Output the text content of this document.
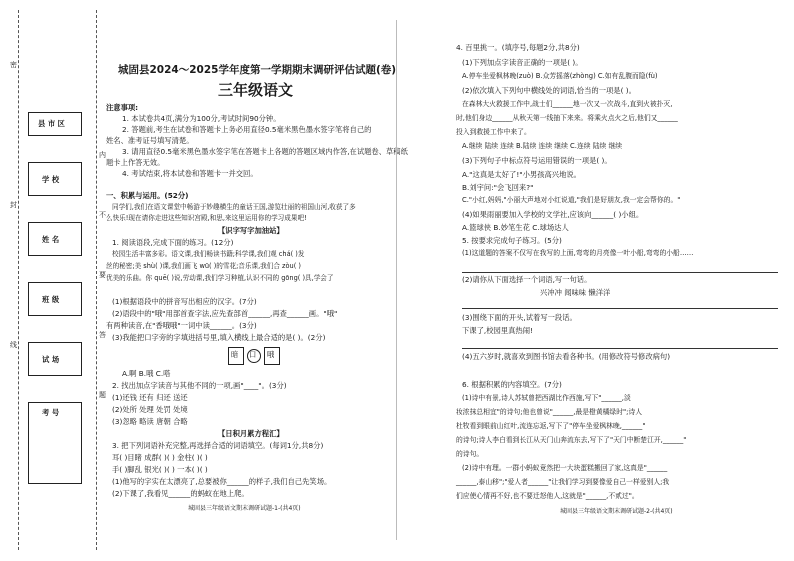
密
封
线
内
不
要
答
题
县 市 区
学 校
姓 名
班 级
试 场
考 号
城固县2024～2025学年度第一学期期末调研评估试题(卷)
三年级语文
注意事项:
1. 本试卷共4页,满分为100分,考试时间90分钟。
2. 答题前,考生在试卷和答题卡上务必用直径0.5毫米黑色墨水签字笔将自己的
姓名、准考证号填写清楚。
3. 请用直径0.5毫米黑色墨水签字笔在答题卡上各题的答题区域内作答,在试题卷、草稿纸
题卡上作答无效。
4. 考试结束,将本试卷和答题卡一并交回。
一、积累与运用。(52分)
同学们,我们在语文课堂中畅游于妙趣横生的童话王国,游览壮丽的祖国山河,收获了多
么快乐!现在请你走进这些知识宫殿,和思,来这里运用你的学习成果吧!
【识字写字加油站】
1. 阅读语段,完成下面的练习。(12分)
校园生活丰富多彩。语文课,我们畅读书籍;科学课,我们观 chá( )发
丝的秘密;美 shù( )课,我们画飞 wū( )的雪花;音乐课,我们合 zòu( )
优美的乐曲。你 quē( )说,劳动课,我们学习种植,认识不同的 gōng( )具,学会了
(1)根据语段中的拼音写出相应的汉字。(7分)
(2)语段中的"哦"用部首查字法,应先查部首______,再查______画。"哦"
有两种读音,在"香哦哦"一词中读______。(3分)
(3)我能把口字旁的字填进括号里,填入横线上最合适的是( )。(2分)
暗 口 哦
A.啊 B.哦 C.嗒
2. 找出加点字读音与其他不同的一项,画"____"。(3分)
(1)还钱 还有 归还 送还
(2)处所 处理 处罚 处境
(3)忽略 略读 唐朝 合略
【日积月累方程汇】
3. 把下列词语补充完整,再选择合适的词语填空。(每词1分,共8分)
耳( )目睹 成群( )( ) 金柱( )( )
手( )脚乱 银光( )( ) 一本( )( )
(1)他写的字实在太漂亮了,总要被你______的样子,我们自己先笑场。
(2)下课了,我看见______的蚂蚁在地上爬。
城固县三年级语文期末调研试题-1-(共4页)
4. 百里挑一。(填序号,每题2分,共8分)
(1)下列加点字读音正确的一项是( )。
A.停车坐爱枫林晚(zuò) B.众芳摇落(zhòng) C.如有乱腹而隐(fù)
(2)依次填入下列句中横线处的词语,恰当的一项是( )。
在森林大火救援工作中,战士们______地一次又一次战斗,直到火被扑灭,
时,他们身边______从秋天第一线抽下来来。将乘火点火之后,他们又______
投入到救援工作中来了。
A.继续 陆续 连续 B.陆续 连续 继续 C.连续 陆续 继续
(3)下列句子中标点符号运用错误的一项是( )。
A."这真是太好了!"小男孩高兴地说。
B.刘宇问:"会飞回来?"
C."小红,妈妈,"小丽大声地对小红说道,"我们是好朋友,我一定会帮你的。"
(4)如果雨丽要加入学校的文学社,应该向______( )小组。
A.篮球侠 B.妙笔生花 C.球场达人
5. 按要求完成句子练习。(5分)
(1)这道题的答案不仅写在我写的上面,弯弯的月亮像一叶小船,弯弯的小船……
(2)请你从下面选择一个词语,写一句话。
兴冲冲 闻味味 懒洋洋
(3)围绕下面的开头,试着写一段话。
下课了,校园里真热闹!
(4)五六岁时,就喜欢到图书馆去看各种书。(用修改符号修改病句)
6. 根据积累的内容填空。(7分)
(1)诗中有景,诗人苏轼曾把西湖比作西施,写下"______,淡
妆浓抹总相宜"的诗句;他也曾说"______,最是橙黄橘绿时";诗人
杜牧看到眼前山红叶,流连忘返,写下了"停车坐爱枫林晚,______"
的诗句;诗人李白看到长江从天门山奔流东去,写下了"天门中断楚江开,______"
的诗句。
(2)诗中有理。一群小蚂蚁竟然把一大块蛋糕搬回了家,这真是"______
______,泰山移";"爱人者______"让我们学习到要像爱自己一样爱别人;我
们应使心情再不好,也不要迁怒他人,这就是"______,不贰过"。
城固县三年级语文期末调研试题-2-(共4页)
